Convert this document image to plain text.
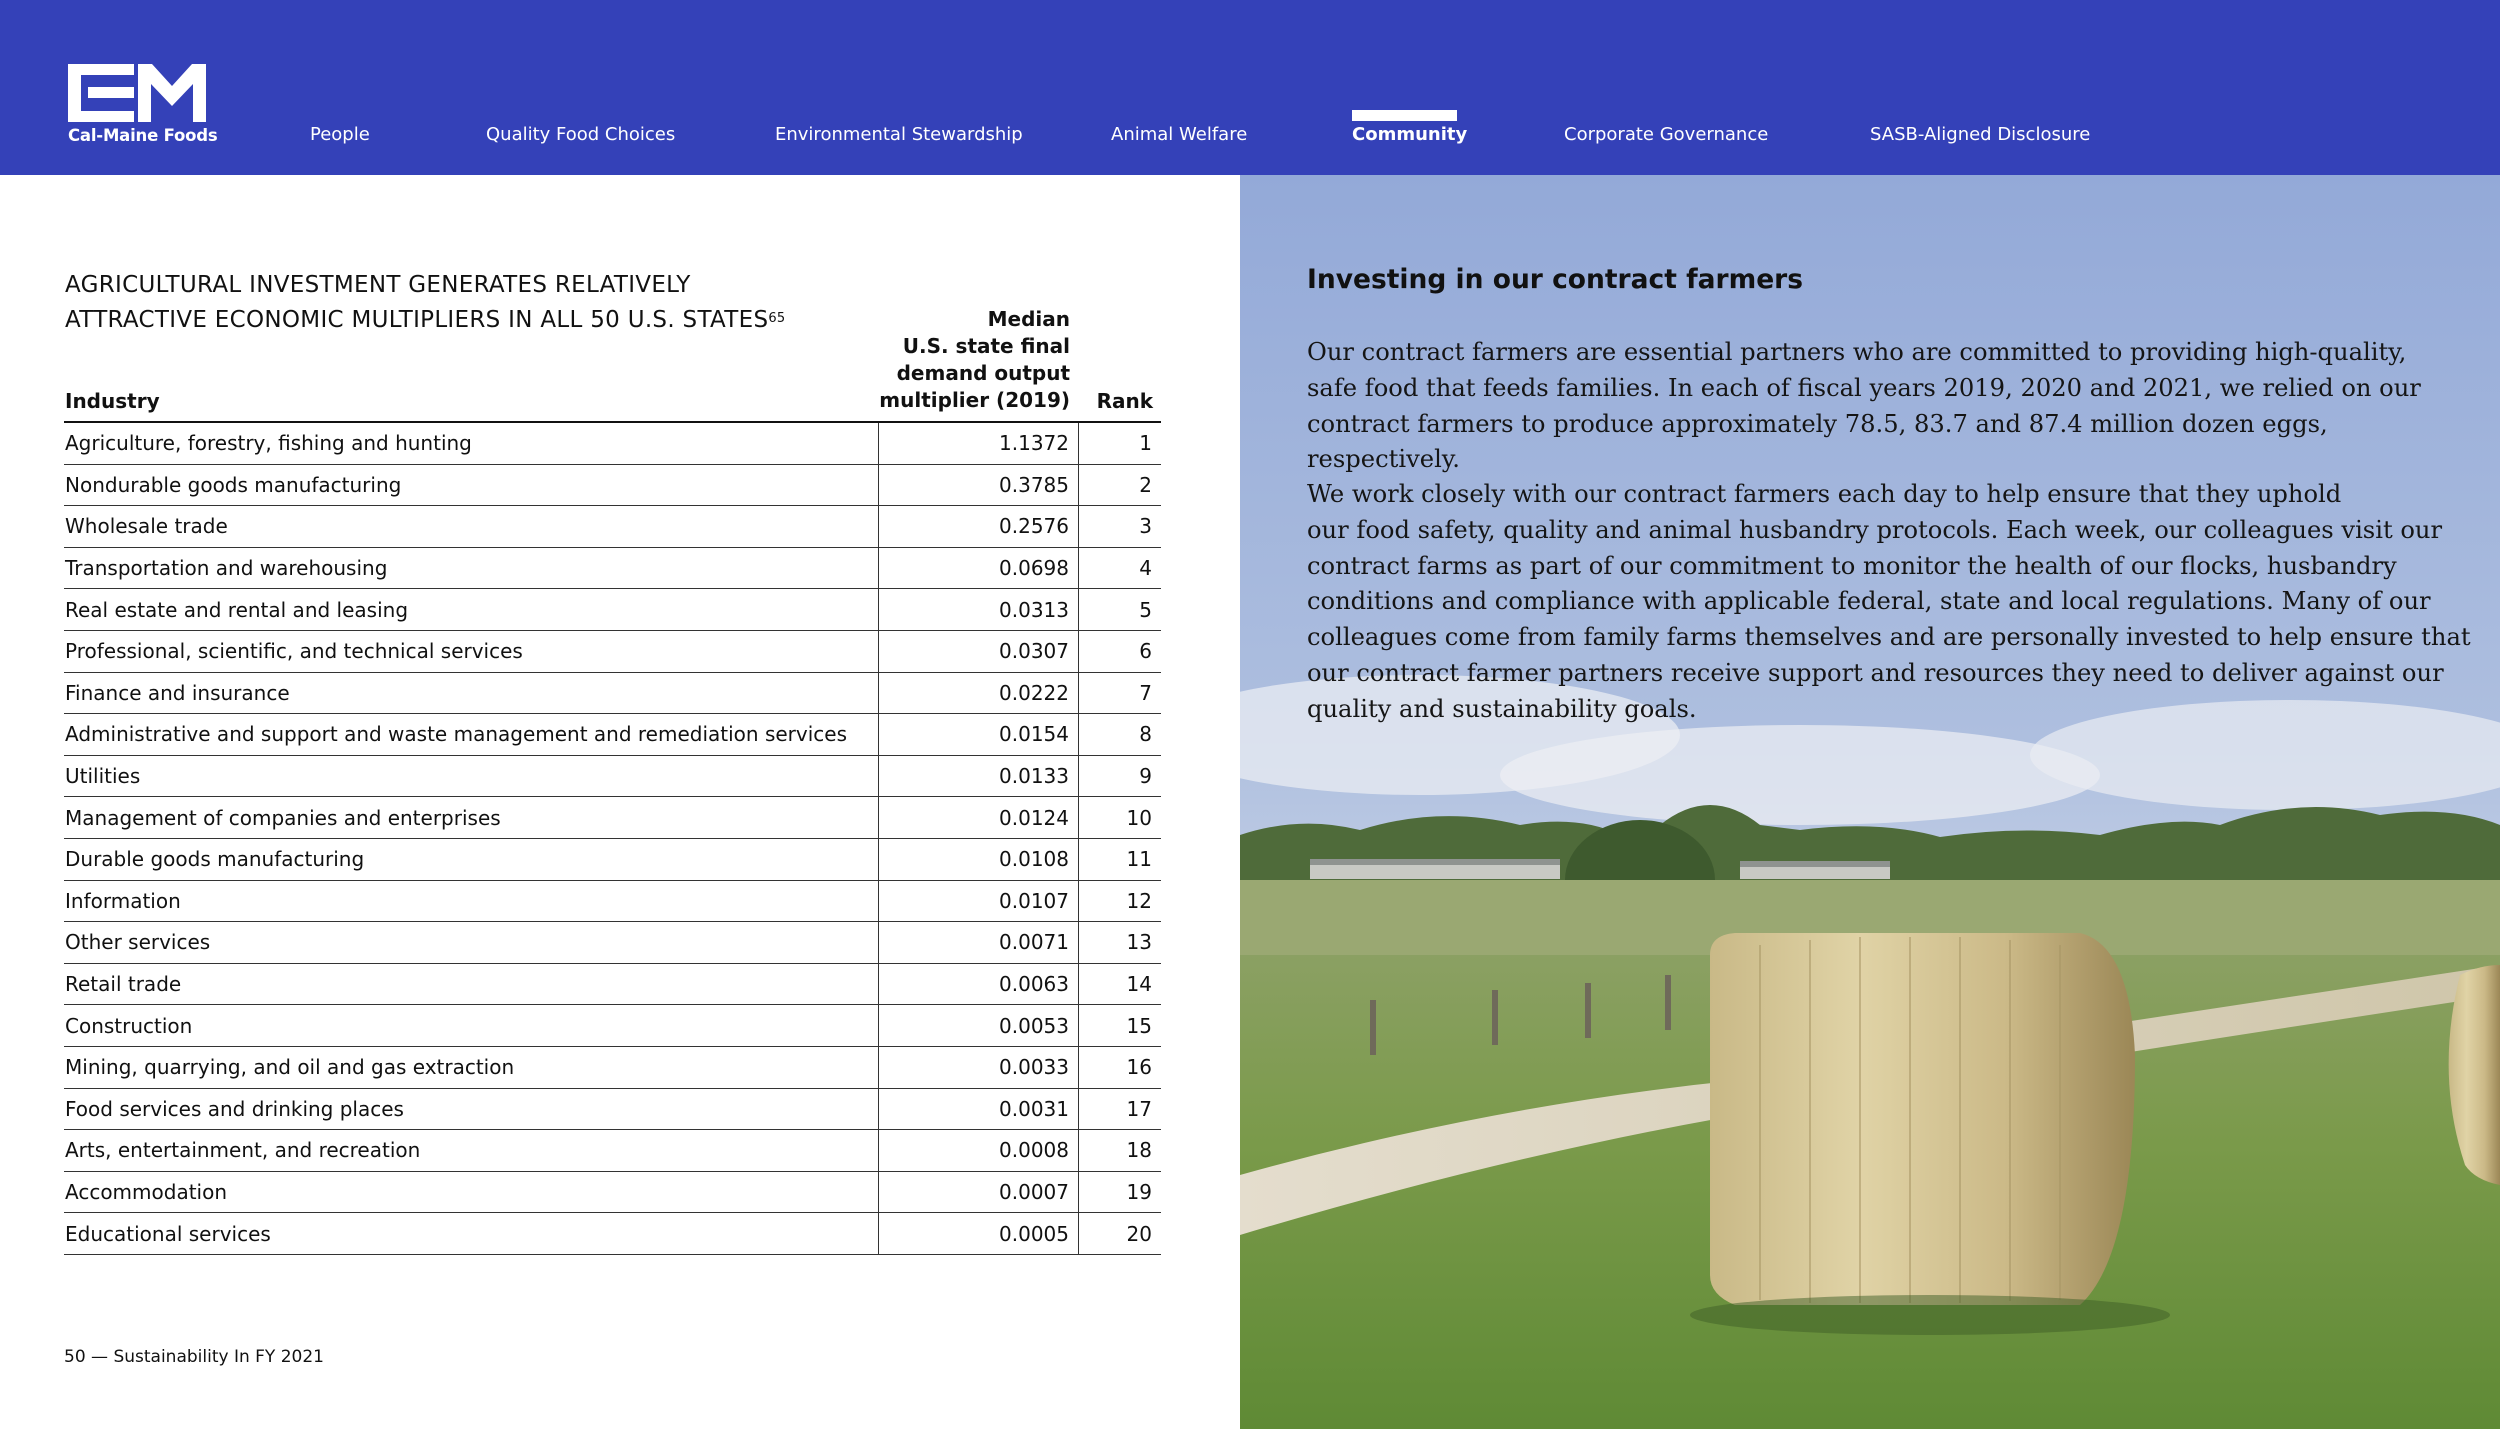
Cal-Maine Foods	People	Quality Food Choices	Environmental Stewardship	Animal Welfare	Community	Corporate Governance	SASB-Aligned Disclosure
AGRICULTURAL INVESTMENT GENERATES RELATIVELY
ATTRACTIVE ECONOMIC MULTIPLIERS IN ALL 50 U.S. STATES$^{65}$
Industry
Median
U.S. state final
demand output
multiplier (2019)	Rank
Agriculture, forestry, fishing and hunting	1.1372	1
Nondurable goods manufacturing	0.3785	2
Wholesale trade	0.2576	3
Transportation and warehousing	0.0698	4
Real estate and rental and leasing	0.0313	5
Professional, scientific, and technical services	0.0307	6
Finance and insurance	0.0222	7
Administrative and support and waste management and remediation services	0.0154	8
Utilities	0.0133	9
Management of companies and enterprises	0.0124	10
Durable goods manufacturing	0.0108	11
Information	0.0107	12
Other services	0.0071	13
Retail trade	0.0063	14
Construction	0.0053	15
Mining, quarrying, and oil and gas extraction	0.0033	16
Food services and drinking places	0.0031	17
Arts, entertainment, and recreation	0.0008	18
Accommodation	0.0007	19
Educational services	0.0005	20
50 — Sustainability In FY 2021
Investing in our contract farmers
Our contract farmers are essential partners who are committed to providing high-quality,
safe food that feeds families. In each of fiscal years 2019, 2020 and 2021, we relied on our
contract farmers to produce approximately 78.5, 83.7 and 87.4 million dozen eggs, respectively.
We work closely with our contract farmers each day to help ensure that they uphold
our food safety, quality and animal husbandry protocols. Each week, our colleagues visit our
contract farms as part of our commitment to monitor the health of our flocks, husbandry
conditions and compliance with applicable federal, state and local regulations. Many of our
colleagues come from family farms themselves and are personally invested to help ensure that
our contract farmer partners receive support and resources they need to deliver against our
quality and sustainability goals.
